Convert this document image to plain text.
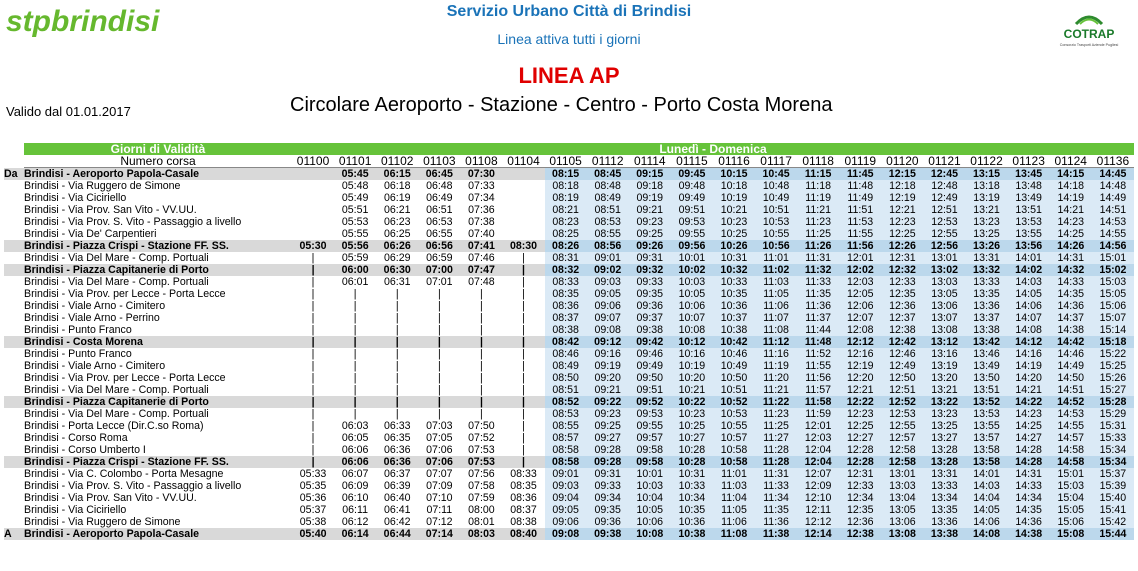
stpbrindisi	COTRAP
Consorzio Trasporti Aziende Pugliesi
Servizio Urbano Città di Brindisi
Linea attiva tutti i giorni
LINEA AP
Circolare Aeroporto - Stazione - Centro - Porto Costa Morena
Valido dal 01.01.2017
	Giorni di Validità	Lunedì - Domenica																			
	Numero corsa	01100	01101	01102	01103	01108	01104	01105	01112	01114	01115	01116	01117	01118	01119	01120	01121	01122	01123	01124	01136
Da	Brindisi - Aeroporto Papola-Casale		05:45	06:15	06:45	07:30		08:15	08:45	09:15	09:45	10:15	10:45	11:15	11:45	12:15	12:45	13:15	13:45	14:15	14:45
	Brindisi - Via Ruggero de Simone		05:48	06:18	06:48	07:33		08:18	08:48	09:18	09:48	10:18	10:48	11:18	11:48	12:18	12:48	13:18	13:48	14:18	14:48
	Brindisi - Via Ciciriello		05:49	06:19	06:49	07:34		08:19	08:49	09:19	09:49	10:19	10:49	11:19	11:49	12:19	12:49	13:19	13:49	14:19	14:49
	Brindisi - Via Prov. San Vito - VV.UU.		05:51	06:21	06:51	07:36		08:21	08:51	09:21	09:51	10:21	10:51	11:21	11:51	12:21	12:51	13:21	13:51	14:21	14:51
	Brindisi - Via Prov. S. Vito - Passaggio a livello		05:53	06:23	06:53	07:38		08:23	08:53	09:23	09:53	10:23	10:53	11:23	11:53	12:23	12:53	13:23	13:53	14:23	14:53
	Brindisi - Via De' Carpentieri		05:55	06:25	06:55	07:40		08:25	08:55	09:25	09:55	10:25	10:55	11:25	11:55	12:25	12:55	13:25	13:55	14:25	14:55
	Brindisi - Piazza Crispi - Stazione FF. SS.	05:30	05:56	06:26	06:56	07:41	08:30	08:26	08:56	09:26	09:56	10:26	10:56	11:26	11:56	12:26	12:56	13:26	13:56	14:26	14:56
	Brindisi - Via Del Mare - Comp. Portuali	|	05:59	06:29	06:59	07:46	|	08:31	09:01	09:31	10:01	10:31	11:01	11:31	12:01	12:31	13:01	13:31	14:01	14:31	15:01
	Brindisi - Piazza Capitanerie di Porto	|	06:00	06:30	07:00	07:47	|	08:32	09:02	09:32	10:02	10:32	11:02	11:32	12:02	12:32	13:02	13:32	14:02	14:32	15:02
	Brindisi - Via Del Mare - Comp. Portuali	|	06:01	06:31	07:01	07:48	|	08:33	09:03	09:33	10:03	10:33	11:03	11:33	12:03	12:33	13:03	13:33	14:03	14:33	15:03
	Brindisi - Via Prov. per Lecce - Porta Lecce	|	|	|	|	|	|	08:35	09:05	09:35	10:05	10:35	11:05	11:35	12:05	12:35	13:05	13:35	14:05	14:35	15:05
	Brindisi - Viale Arno - Cimitero	|	|	|	|	|	|	08:36	09:06	09:36	10:06	10:36	11:06	11:36	12:06	12:36	13:06	13:36	14:06	14:36	15:06
	Brindisi - Viale Arno - Perrino	|	|	|	|	|	|	08:37	09:07	09:37	10:07	10:37	11:07	11:37	12:07	12:37	13:07	13:37	14:07	14:37	15:07
	Brindisi - Punto Franco	|	|	|	|	|	|	08:38	09:08	09:38	10:08	10:38	11:08	11:44	12:08	12:38	13:08	13:38	14:08	14:38	15:14
	Brindisi - Costa Morena	|	|	|	|	|	|	08:42	09:12	09:42	10:12	10:42	11:12	11:48	12:12	12:42	13:12	13:42	14:12	14:42	15:18
	Brindisi - Punto Franco	|	|	|	|	|	|	08:46	09:16	09:46	10:16	10:46	11:16	11:52	12:16	12:46	13:16	13:46	14:16	14:46	15:22
	Brindisi - Viale Arno - Cimitero	|	|	|	|	|	|	08:49	09:19	09:49	10:19	10:49	11:19	11:55	12:19	12:49	13:19	13:49	14:19	14:49	15:25
	Brindisi - Via Prov. per Lecce - Porta Lecce	|	|	|	|	|	|	08:50	09:20	09:50	10:20	10:50	11:20	11:56	12:20	12:50	13:20	13:50	14:20	14:50	15:26
	Brindisi - Via Del Mare - Comp. Portuali	|	|	|	|	|	|	08:51	09:21	09:51	10:21	10:51	11:21	11:57	12:21	12:51	13:21	13:51	14:21	14:51	15:27
	Brindisi - Piazza Capitanerie di Porto	|	|	|	|	|	|	08:52	09:22	09:52	10:22	10:52	11:22	11:58	12:22	12:52	13:22	13:52	14:22	14:52	15:28
	Brindisi - Via Del Mare - Comp. Portuali	|	|	|	|	|	|	08:53	09:23	09:53	10:23	10:53	11:23	11:59	12:23	12:53	13:23	13:53	14:23	14:53	15:29
	Brindisi - Porta Lecce (Dir.C.so Roma)	|	06:03	06:33	07:03	07:50	|	08:55	09:25	09:55	10:25	10:55	11:25	12:01	12:25	12:55	13:25	13:55	14:25	14:55	15:31
	Brindisi - Corso Roma	|	06:05	06:35	07:05	07:52	|	08:57	09:27	09:57	10:27	10:57	11:27	12:03	12:27	12:57	13:27	13:57	14:27	14:57	15:33
	Brindisi - Corso Umberto I	|	06:06	06:36	07:06	07:53	|	08:58	09:28	09:58	10:28	10:58	11:28	12:04	12:28	12:58	13:28	13:58	14:28	14:58	15:34
	Brindisi - Piazza Crispi - Stazione FF. SS.	|	06:06	06:36	07:06	07:53	|	08:58	09:28	09:58	10:28	10:58	11:28	12:04	12:28	12:58	13:28	13:58	14:28	14:58	15:34
	Brindisi - Via C. Colombo - Porta Mesagne	05:33	06:07	06:37	07:07	07:56	08:33	09:01	09:31	10:01	10:31	11:01	11:31	12:07	12:31	13:01	13:31	14:01	14:31	15:01	15:37
	Brindisi - Via Prov. S. Vito - Passaggio a livello	05:35	06:09	06:39	07:09	07:58	08:35	09:03	09:33	10:03	10:33	11:03	11:33	12:09	12:33	13:03	13:33	14:03	14:33	15:03	15:39
	Brindisi - Via Prov. San Vito - VV.UU.	05:36	06:10	06:40	07:10	07:59	08:36	09:04	09:34	10:04	10:34	11:04	11:34	12:10	12:34	13:04	13:34	14:04	14:34	15:04	15:40
	Brindisi - Via Ciciriello	05:37	06:11	06:41	07:11	08:00	08:37	09:05	09:35	10:05	10:35	11:05	11:35	12:11	12:35	13:05	13:35	14:05	14:35	15:05	15:41
	Brindisi - Via Ruggero de Simone	05:38	06:12	06:42	07:12	08:01	08:38	09:06	09:36	10:06	10:36	11:06	11:36	12:12	12:36	13:06	13:36	14:06	14:36	15:06	15:42
A	Brindisi - Aeroporto Papola-Casale	05:40	06:14	06:44	07:14	08:03	08:40	09:08	09:38	10:08	10:38	11:08	11:38	12:14	12:38	13:08	13:38	14:08	14:38	15:08	15:44
